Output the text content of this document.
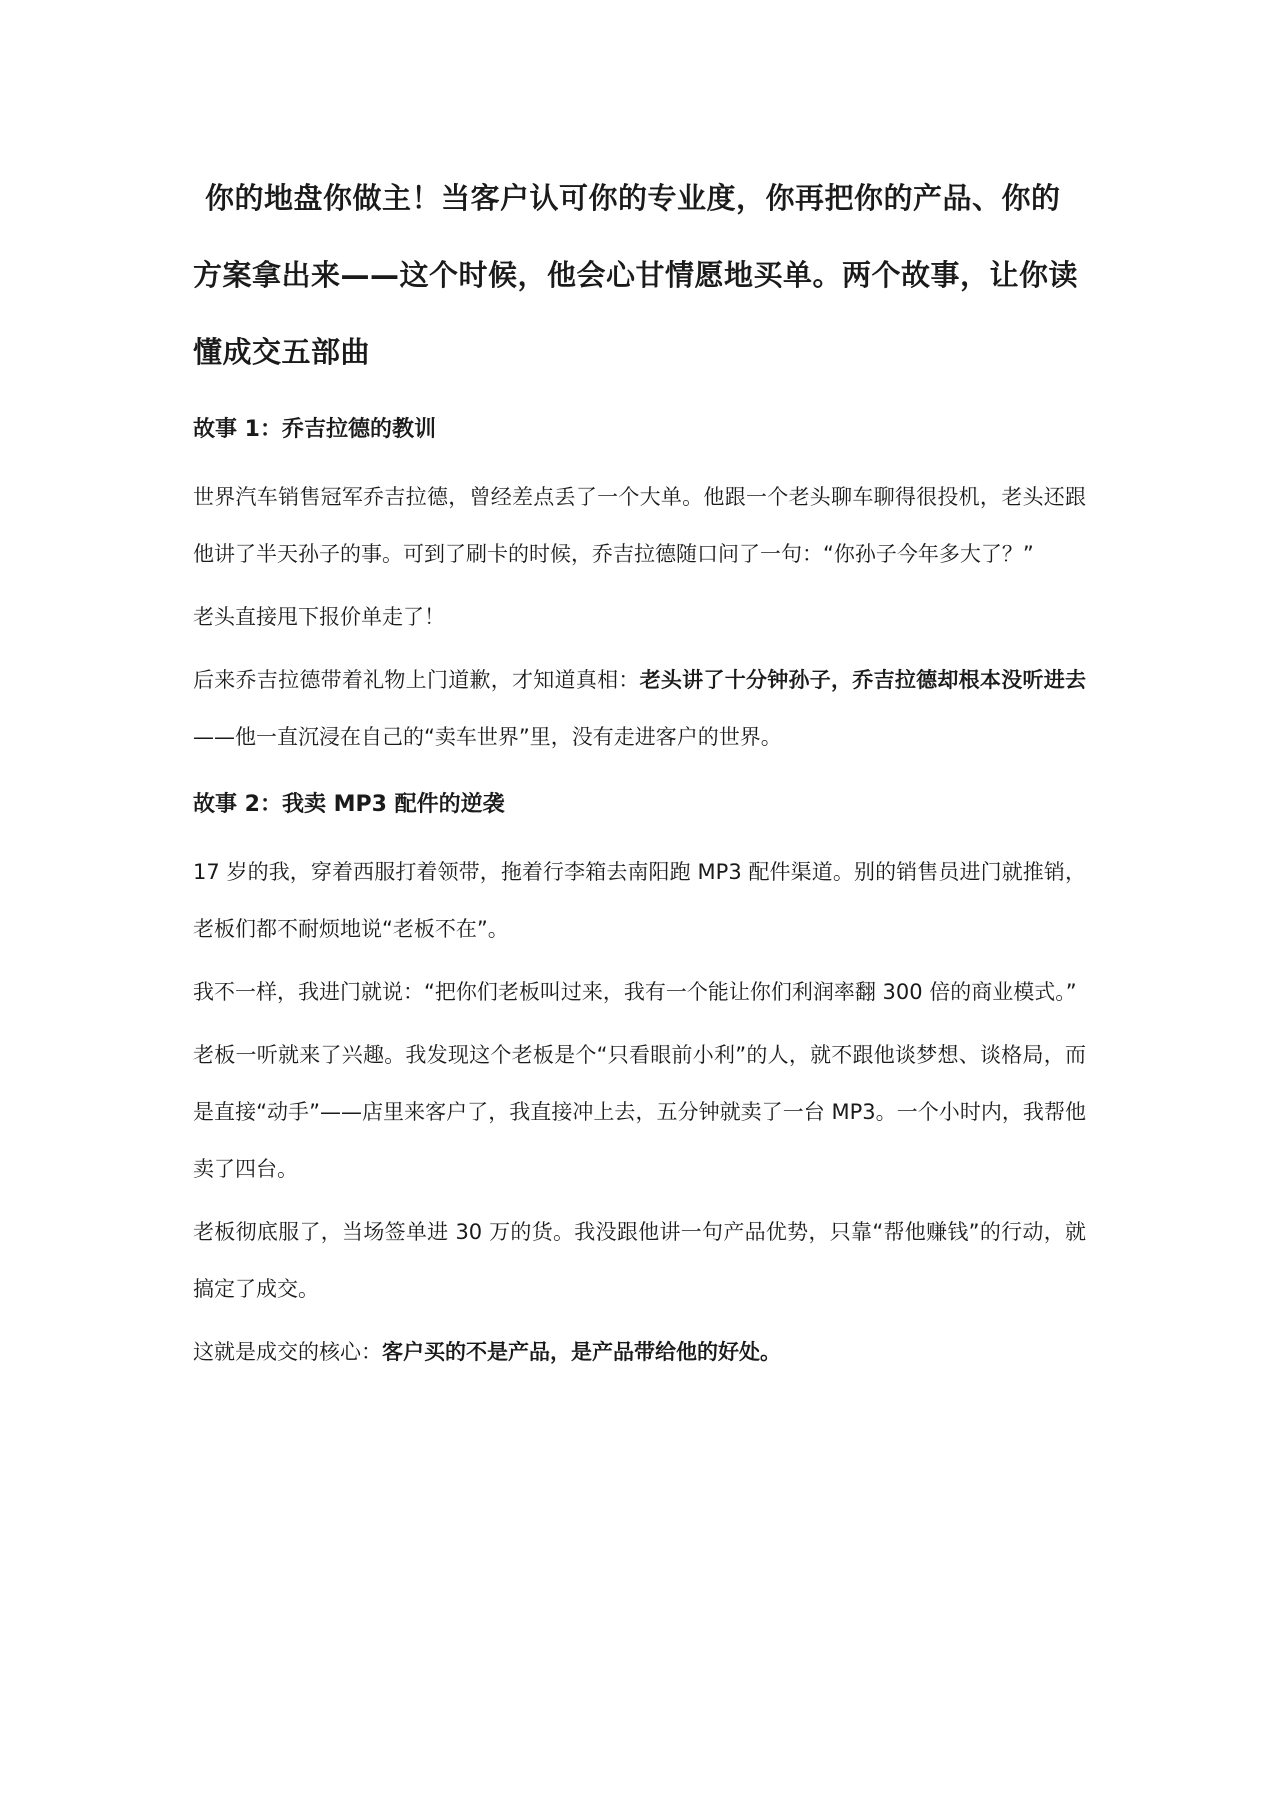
你的地盘你做主！当客户认可你的专业度，你再把你的产品、你的方案拿出来——这个时候，他会心甘情愿地买单。两个故事，让你读懂成交五部曲
故事 1：乔吉拉德的教训

世界汽车销售冠军乔吉拉德，曾经差点丢了一个大单。他跟一个老头聊车聊得很投机，老头还跟他讲了半天孙子的事。可到了刷卡的时候，乔吉拉德随口问了一句：“你孙子今年多大了？”

老头直接甩下报价单走了！

后来乔吉拉德带着礼物上门道歉，才知道真相：老头讲了十分钟孙子，乔吉拉德却根本没听进去——他一直沉浸在自己的“卖车世界”里，没有走进客户的世界。

故事 2：我卖 MP3 配件的逆袭

17 岁的我，穿着西服打着领带，拖着行李箱去南阳跑 MP3 配件渠道。别的销售员进门就推销，老板们都不耐烦地说“老板不在”。

我不一样，我进门就说：“把你们老板叫过来，我有一个能让你们利润率翻 300 倍的商业模式。”

老板一听就来了兴趣。我发现这个老板是个“只看眼前小利”的人，就不跟他谈梦想、谈格局，而是直接“动手”——店里来客户了，我直接冲上去，五分钟就卖了一台 MP3。一个小时内，我帮他卖了四台。

老板彻底服了，当场签单进 30 万的货。我没跟他讲一句产品优势，只靠“帮他赚钱”的行动，就搞定了成交。

这就是成交的核心：客户买的不是产品，是产品带给他的好处。
